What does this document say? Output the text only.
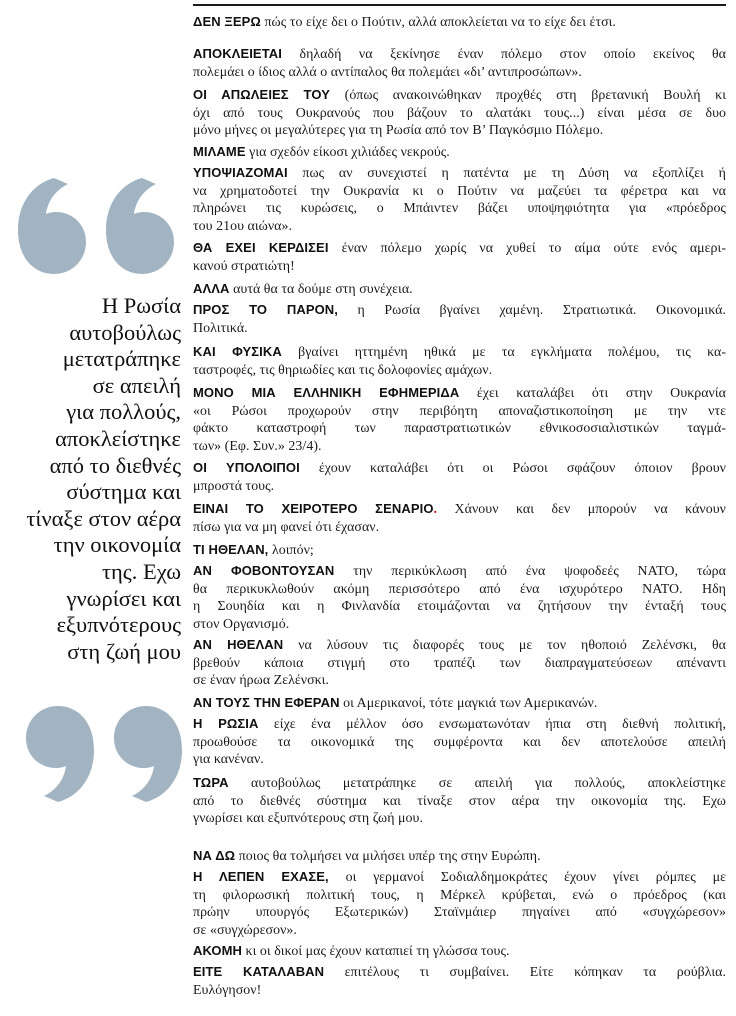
Η Ρωσία
αυτοβούλως
μετατράπηκε
σε απειλή
για πολλούς,
αποκλείστηκε
από το διεθνές
σύστημα και
τίναξε στον αέρα
την οικονομία
της. Εχω
γνωρίσει και
εξυπνότερους
στη ζωή μου
ΔΕΝ ΞΕΡΩ πώς το είχε δει ο Πούτιν, αλλά αποκλείεται να το είχε δει έτσι.
ΑΠΟΚΛΕΙΕΤΑΙ δηλαδή να ξεκίνησε έναν πόλεμο στον οποίο εκείνος θα
πολεμάει ο ίδιος αλλά ο αντίπαλος θα πολεμάει «δι’ αντιπροσώπων».
ΟΙ ΑΠΩΛΕΙΕΣ ΤΟΥ (όπως ανακοινώθηκαν προχθές στη βρετανική Βουλή κι
όχι από τους Ουκρανούς που βάζουν το αλατάκι τους...) είναι μέσα σε δυο
μόνο μήνες οι μεγαλύτερες για τη Ρωσία από τον Β’ Παγκόσμιο Πόλεμο.
ΜΙΛΑΜΕ για σχεδόν είκοσι χιλιάδες νεκρούς.
ΥΠΟΨΙΑΖΟΜΑΙ πως αν συνεχιστεί η πατέντα με τη Δύση να εξοπλίζει ή
να χρηματοδοτεί την Ουκρανία κι ο Πούτιν να μαζεύει τα φέρετρα και να
πληρώνει τις κυρώσεις, ο Μπάιντεν βάζει υποψηφιότητα για «πρόεδρος
του 21ου αιώνα».
ΘΑ ΕΧΕΙ ΚΕΡΔΙΣΕΙ έναν πόλεμο χωρίς να χυθεί το αίμα ούτε ενός αμερι-
κανού στρατιώτη!
ΑΛΛΑ αυτά θα τα δούμε στη συνέχεια.
ΠΡΟΣ ΤΟ ΠΑΡΟΝ, η Ρωσία βγαίνει χαμένη. Στρατιωτικά. Οικονομικά.
Πολιτικά.
ΚΑΙ ΦΥΣΙΚΑ βγαίνει ηττημένη ηθικά με τα εγκλήματα πολέμου, τις κα-
ταστροφές, τις θηριωδίες και τις δολοφονίες αμάχων.
ΜΟΝΟ ΜΙΑ ΕΛΛΗΝΙΚΗ ΕΦΗΜΕΡΙΔΑ έχει καταλάβει ότι στην Ουκρανία
«οι Ρώσοι προχωρούν στην περιβόητη αποναζιστικοποίηση με την ντε
φάκτο καταστροφή των παραστρατιωτικών εθνικοσοσιαλιστικών ταγμά-
των» (Εφ. Συν.» 23/4).
ΟΙ ΥΠΟΛΟΙΠΟΙ έχουν καταλάβει ότι οι Ρώσοι σφάζουν όποιον βρουν
μπροστά τους.
ΕΙΝΑΙ ΤΟ ΧΕΙΡΟΤΕΡΟ ΣΕΝΑΡΙΟ. Χάνουν και δεν μπορούν να κάνουν
πίσω για να μη φανεί ότι έχασαν.
ΤΙ ΗΘΕΛΑΝ, λοιπόν;
ΑΝ ΦΟΒΟΝΤΟΥΣΑΝ την περικύκλωση από ένα ψοφοδεές ΝΑΤΟ, τώρα
θα περικυκλωθούν ακόμη περισσότερο από ένα ισχυρότερο ΝΑΤΟ. Ηδη
η Σουηδία και η Φινλανδία ετοιμάζονται να ζητήσουν την ένταξή τους
στον Οργανισμό.
ΑΝ ΗΘΕΛΑΝ να λύσουν τις διαφορές τους με τον ηθοποιό Ζελένσκι, θα
βρεθούν κάποια στιγμή στο τραπέζι των διαπραγματεύσεων απέναντι
σε έναν ήρωα Ζελένσκι.
ΑΝ ΤΟΥΣ ΤΗΝ ΕΦΕΡΑΝ οι Αμερικανοί, τότε μαγκιά των Αμερικανών.
Η ΡΩΣΙΑ είχε ένα μέλλον όσο ενσωματωνόταν ήπια στη διεθνή πολιτική,
προωθούσε τα οικονομικά της συμφέροντα και δεν αποτελούσε απειλή
για κανέναν.
ΤΩΡΑ αυτοβούλως μετατράπηκε σε απειλή για πολλούς, αποκλείστηκε
από το διεθνές σύστημα και τίναξε στον αέρα την οικονομία της. Εχω
γνωρίσει και εξυπνότερους στη ζωή μου.
ΝΑ ΔΩ ποιος θα τολμήσει να μιλήσει υπέρ της στην Ευρώπη.
Η ΛΕΠΕΝ ΕΧΑΣΕ, οι γερμανοί Σοδιαλδημοκράτες έχουν γίνει ρόμπες με
τη φιλορωσική πολιτική τους, η Μέρκελ κρύβεται, ενώ ο πρόεδρος (και
πρώην υπουργός Εξωτερικών) Σταϊνμάιερ πηγαίνει από «συγχώρεσον»
σε «συγχώρεσον».
ΑΚΟΜΗ κι οι δικοί μας έχουν καταπιεί τη γλώσσα τους.
ΕΙΤΕ ΚΑΤΑΛΑΒΑΝ επιτέλους τι συμβαίνει. Είτε κόπηκαν τα ρούβλια.
Ευλόγησον!
